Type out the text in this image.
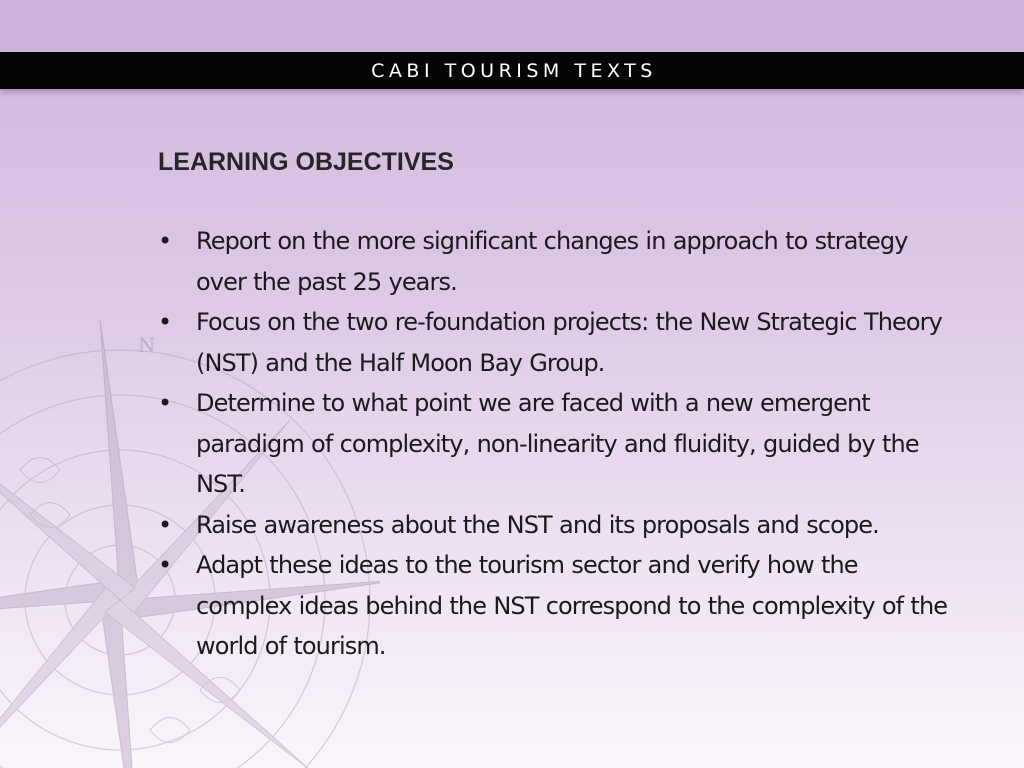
CABI TOURISM TEXTS
N
LEARNING OBJECTIVES
• Report on the more significant changes in approach to strategy over the past 25 years.
• Focus on the two re-foundation projects: the New Strategic Theory (NST) and the Half Moon Bay Group.
• Determine to what point we are faced with a new emergent paradigm of complexity, non-linearity and fluidity, guided by the NST.
• Raise awareness about the NST and its proposals and scope.
• Adapt these ideas to the tourism sector and verify how the complex ideas behind the NST correspond to the complexity of the world of tourism.
